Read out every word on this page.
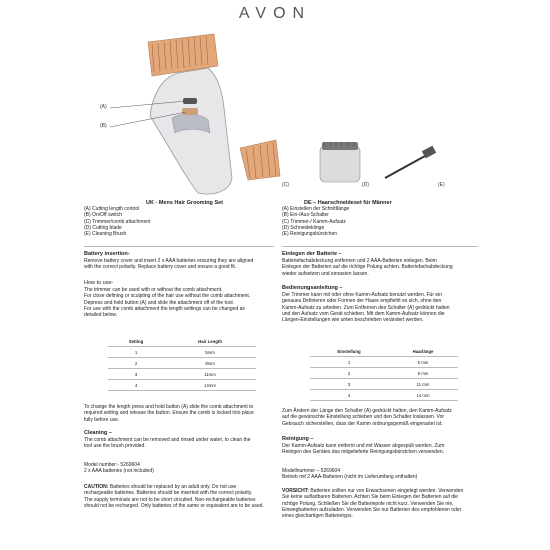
AVON
(A)
(B)
(C)	(D)	(E)
UK - Mens Hair Grooming Set
(A) Cutting length control
(B) On/Off switch
(C) Trimmer/comb attachment
(D) Cutting blade
(E) Cleaning Brush
Battery insertion-
Remove battery cover and insert 2 x AAA batteries ensuring they are aligned
with the correct polarity. Replace battery cover and ensure a good fit.
How to use-
The trimmer can be used with or without the comb attachment.
For close defining or sculpting of the hair use without the comb attachment.
Depress and hold button (A) and slide the attachment off of the tool.
For use with the comb attachment the length settings can be changed as
detailed below.
Setting	Hair Length
1	5mm
2	9mm
3	11mm
4	14mm
To change the length press and hold button (A) slide the comb attachment to
required setting and release the button. Ensure the comb is locked into place
fully before use.
Cleaning –
The comb attachment can be removed and rinsed under water, to clean the
tool use the brush provided.
Model number:- 5269604
2 x AAA batteries (not included)
CAUTION: Batteries should be replaced by an adult only. Do not use
rechargeable batteries. Batteries should be inserted with the correct polarity.
The supply terminals are not to be short circuited. Non-rechargeable batteries
should not be recharged. Only batteries of the same or equivalent are to be used.
DE – Haarschneideset für Männer
(A) Einstellen der Schnittlänge
(B) Ein-/Aus-Schalter
(C) Trimmer-/ Kamm-Aufsatz
(D) Schneideklinge
(E) Reinigungsbürstchen
Einlegen der Batterie –
Batteriefachabdeckung entfernen und 2 AAA-Batterien einlegen. Beim
Einlegen der Batterien auf die richtige Polung achten. Batteriefachabdeckung
wieder aufsetzen und einrasten lassen.
Bedienungsanleitung –
Der Trimmer kann mit oder ohne Kamm-Aufsatz benutzt werden. Für ein
genaues Definieren oder Formen der Haare empfiehlt es sich, ohne den
Kamm-Aufsatz zu arbeiten. Zum Entfernen des Schalter (A) gedrückt halten
und den Aufsatz vom Gerät schieben. Mit dem Kamm-Aufsatz können die
Längen-Einstellungen wie unten beschrieben verändert werden.
Einstellung	Haarlänge
1	5 mm
2	9 mm
3	11 mm
4	14 mm
Zum Ändern der Länge den Schalter (A) gedrückt halten, den Kamm-Aufsatz
auf die gewünschte Einstellung schieben und den Schalter loslassen. Vor
Gebrauch sicherstellen, dass der Kamm ordnungsgemäß eingerastet ist.
Reinigung –
Der Kamm-Aufsatz kann entfernt und mit Wasser abgespült werden. Zum
Reinigen des Gerätes das mitgelieferte Reinigungsbürstchen verwenden.
Modellnummer – 5269604
Betrieb mit 2 AAA-Batterien (nicht im Lieferumfang enthalten)
VORSICHT: Batterien sollten nur von Erwachsenen eingelegt werden. Verwenden
Sie keine aufladbaren Batterien. Achten Sie beim Einlegen der Batterien auf die
richtige Polung. Schließen Sie die Batteriepole nicht kurz. Verwenden Sie nie,
Einwegbatterien aufzuladen. Verwenden Sie nur Batterien des empfohlenen oder
eines gleichartigen Batterietyps.
